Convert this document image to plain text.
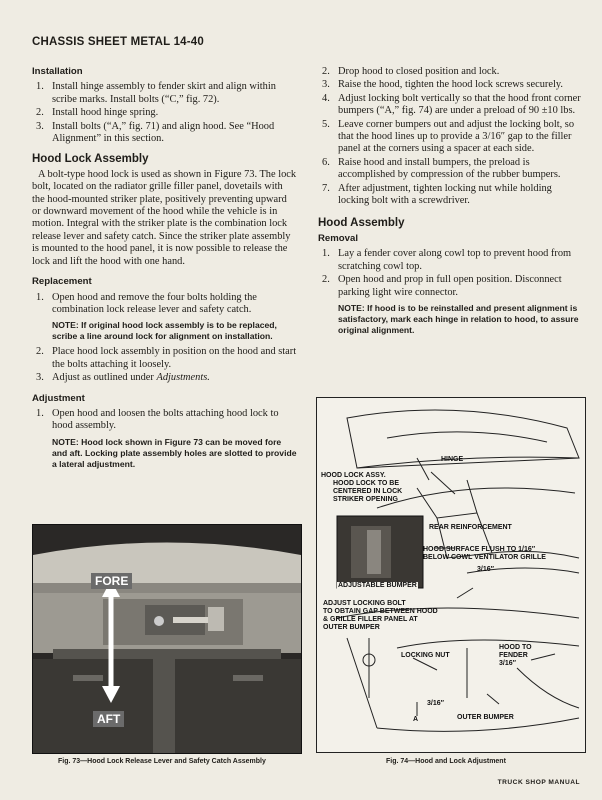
CHASSIS SHEET METAL 14-40
Installation
1. Install hinge assembly to fender skirt and align within scribe marks. Install bolts (“C,” fig. 72).
2. Install hood hinge spring.
3. Install bolts (“A,” fig. 71) and align hood. See “Hood Alignment” in this section.
Hood Lock Assembly

A bolt-type hood lock is used as shown in Figure 73. The lock bolt, located on the radiator grille filler panel, dovetails with the hood-mounted striker plate, positively preventing upward or downward movement of the hood while the vehicle is in motion. Integral with the striker plate is the combination lock release lever and safety catch. Since the striker plate assembly is mounted to the hood panel, it is now possible to release the lock and lift the hood with one hand.

Replacement
1. Open hood and remove the four bolts holding the combination lock release lever and safety catch.
NOTE: If original hood lock assembly is to be replaced, scribe a line around lock for alignment on installation.
2. Place hood lock assembly in position on the hood and start the bolts attaching it loosely.
3. Adjust as outlined under Adjustments.
Adjustment
1. Open hood and loosen the bolts attaching hood lock to hood assembly.
NOTE: Hood lock shown in Figure 73 can be moved fore and aft. Locking plate assembly holes are slotted to provide a lateral adjustment.
FORE
AFT
Fig. 73—Hood Lock Release Lever and Safety Catch Assembly
2. Drop hood to closed position and lock.
3. Raise the hood, tighten the hood lock screws securely.
4. Adjust locking bolt vertically so that the hood front corner bumpers (“A,” fig. 74) are under a preload of 90 ±10 lbs.
5. Leave corner bumpers out and adjust the locking bolt, so that the hood lines up to provide a 3/16″ gap to the filler panel at the corners using a spacer at each side.
6. Raise hood and install bumpers, the preload is accomplished by compression of the rubber bumpers.
7. After adjustment, tighten locking nut while holding locking bolt with a screwdriver.
Hood Assembly
Removal
1. Lay a fender cover along cowl top to prevent hood from scratching cowl top.
2. Open hood and prop in full open position. Disconnect parking light wire connector.
NOTE: If hood is to be reinstalled and present alignment is satisfactory, mark each hinge in relation to hood, to assure original alignment.
HINGE
HOOD LOCK ASSY.
HOOD LOCK TO BE
CENTERED IN LOCK
STRIKER OPENING
REAR REINFORCEMENT
HOOD SURFACE FLUSH TO 1/16″
BELOW COWL VENTILATOR GRILLE
3/16″
ADJUSTABLE BUMPER
ADJUST LOCKING BOLT
TO OBTAIN GAP BETWEEN HOOD
& GRILLE FILLER PANEL AT
OUTER BUMPER
LOCKING NUT
HOOD TO
FENDER
3/16″
3/16″
OUTER BUMPER
A
Fig. 74—Hood and Lock Adjustment
TRUCK SHOP MANUAL
